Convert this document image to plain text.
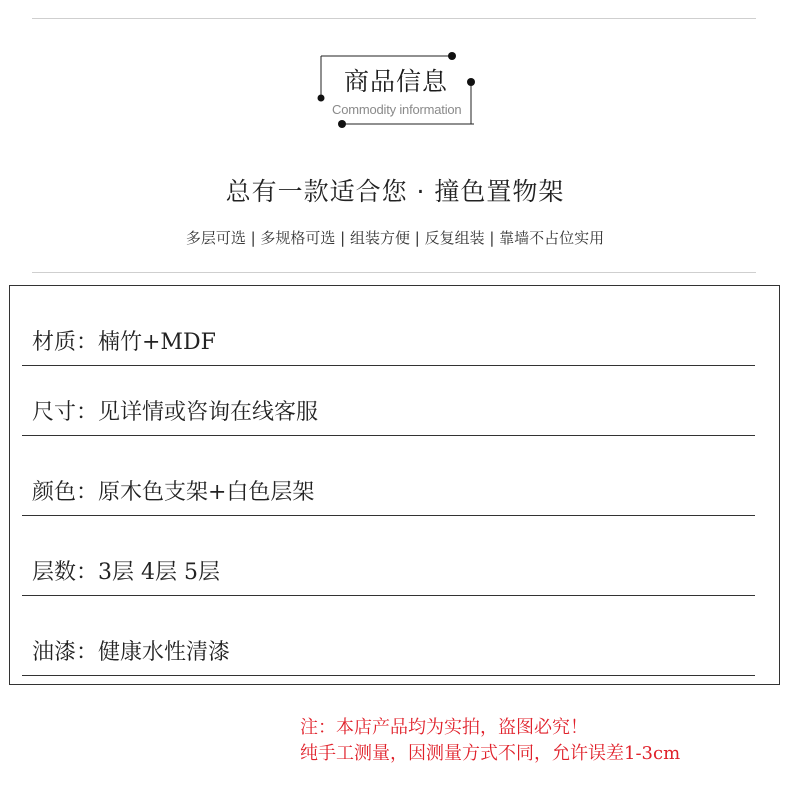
商品信息
Commodity information
总有一款适合您 · 撞色置物架
多层可选 | 多规格可选 | 组装方便 | 反复组装 | 靠墙不占位实用
材质：楠竹+MDF
尺寸：见详情或咨询在线客服
颜色：原木色支架+白色层架
层数：3层 4层 5层
油漆：健康水性清漆
注：本店产品均为实拍，盗图必究！
纯手工测量，因测量方式不同，允许误差1-3cm
